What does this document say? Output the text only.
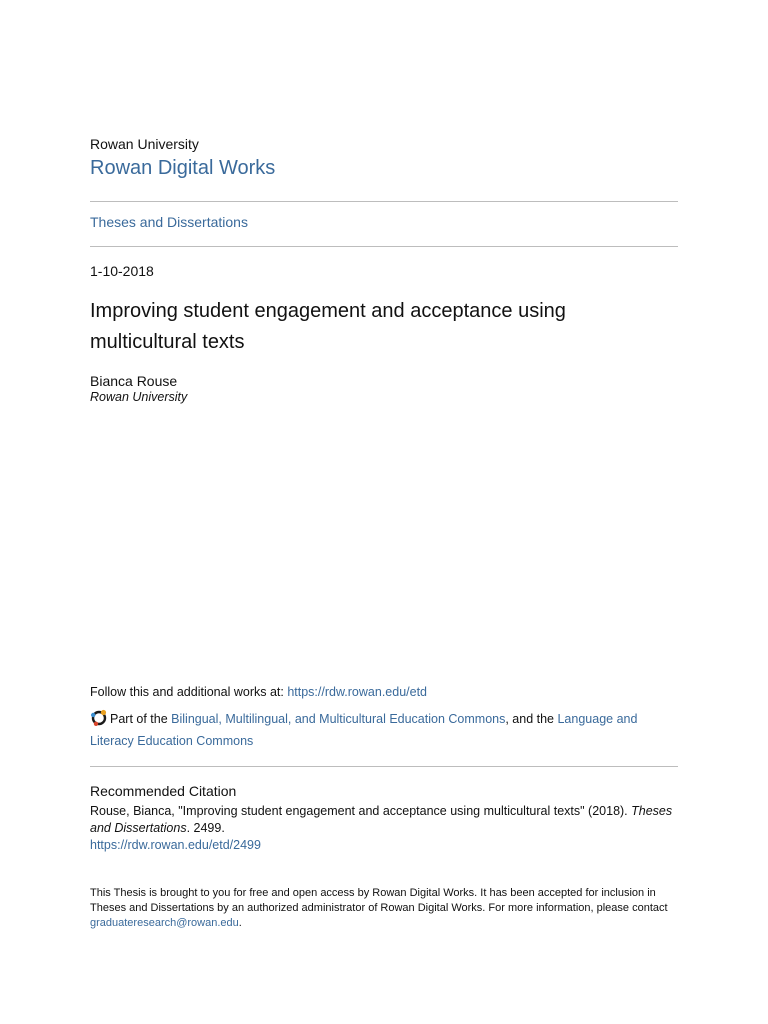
Rowan University
Rowan Digital Works
Theses and Dissertations
1-10-2018
Improving student engagement and acceptance using multicultural texts
Bianca Rouse
Rowan University
Follow this and additional works at: https://rdw.rowan.edu/etd
Part of the Bilingual, Multilingual, and Multicultural Education Commons, and the Language and Literacy Education Commons
Recommended Citation
Rouse, Bianca, "Improving student engagement and acceptance using multicultural texts" (2018). Theses and Dissertations. 2499.
https://rdw.rowan.edu/etd/2499
This Thesis is brought to you for free and open access by Rowan Digital Works. It has been accepted for inclusion in Theses and Dissertations by an authorized administrator of Rowan Digital Works. For more information, please contact graduateresearch@rowan.edu.
